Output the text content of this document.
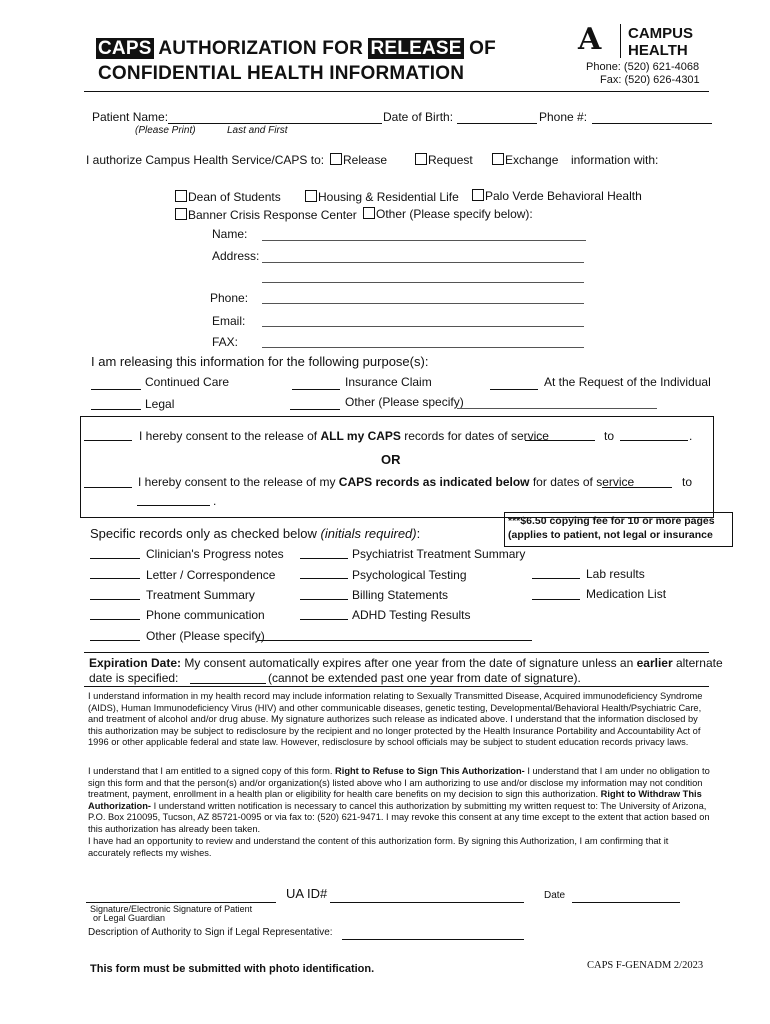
CAPS AUTHORIZATION FOR RELEASE OF
CONFIDENTIAL HEALTH INFORMATION
A CAMPUS
HEALTH
Phone: (520) 621-4068
Fax: (520) 626-4301
Patient Name:	Date of Birth:	Phone #:
(Please Print)	Last and First
I authorize Campus Health Service/CAPS to:	Release	Request	Exchange information with:
Dean of Students	Housing & Residential Life	Palo Verde Behavioral Health
Banner Crisis Response Center	Other (Please specify below):
Name:
Address:
Phone:
Email:
FAX:
I am releasing this information for the following purpose(s):
Continued Care	Insurance Claim	At the Request of the Individual
Legal	Other (Please specify)
I hereby consent to the release of ALL my CAPS records for dates of service	to	.
OR
I hereby consent to the release of my CAPS records as indicated below for dates of service	to
.
Specific records only as checked below (initials required):
***$6.50 copying fee for 10 or more pages
(applies to patient, not legal or insurance
Clinician's Progress notes	Psychiatrist Treatment Summary
Letter / Correspondence	Psychological Testing	Lab results
Treatment Summary	Billing Statements	Medication List
Phone communication	ADHD Testing Results
Other (Please specify)
Expiration Date: My consent automatically expires after one year from the date of signature unless an earlier alternate
date is specified:	(cannot be extended past one year from date of signature).
I understand information in my health record may include information relating to Sexually Transmitted Disease, Acquired immunodeficiency Syndrome (AIDS), Human Immunodeficiency Virus (HIV) and other communicable diseases, genetic testing, Developmental/Behavioral Health/Psychiatric Care, and treatment of alcohol and/or drug abuse. My signature authorizes such release as indicated above. I understand that the information disclosed by this authorization may be subject to redisclosure by the recipient and no longer protected by the Health Insurance Portability and Accountability Act of 1996 or other applicable federal and state law. However, redisclosure by school officials may be subject to student education records privacy laws.
I understand that I am entitled to a signed copy of this form. Right to Refuse to Sign This Authorization- I understand that I am under no obligation to sign this form and that the person(s) and/or organization(s) listed above who I am authorizing to use and/or disclose my information may not condition treatment, payment, enrollment in a health plan or eligibility for health care benefits on my decision to sign this authorization. Right to Withdraw This Authorization- I understand written notification is necessary to cancel this authorization by submitting my written request to: The University of Arizona, P.O. Box 210095, Tucson, AZ 85721-0095 or via fax to: (520) 621-9471. I may revoke this consent at any time except to the extent that action based on this authorization has already been taken.
I have had an opportunity to review and understand the content of this authorization form. By signing this Authorization, I am confirming that it accurately reflects my wishes.
UA ID#	Date
Signature/Electronic Signature of Patient
or Legal Guardian
Description of Authority to Sign if Legal Representative:
This form must be submitted with photo identification.	CAPS F-GENADM 2/2023
